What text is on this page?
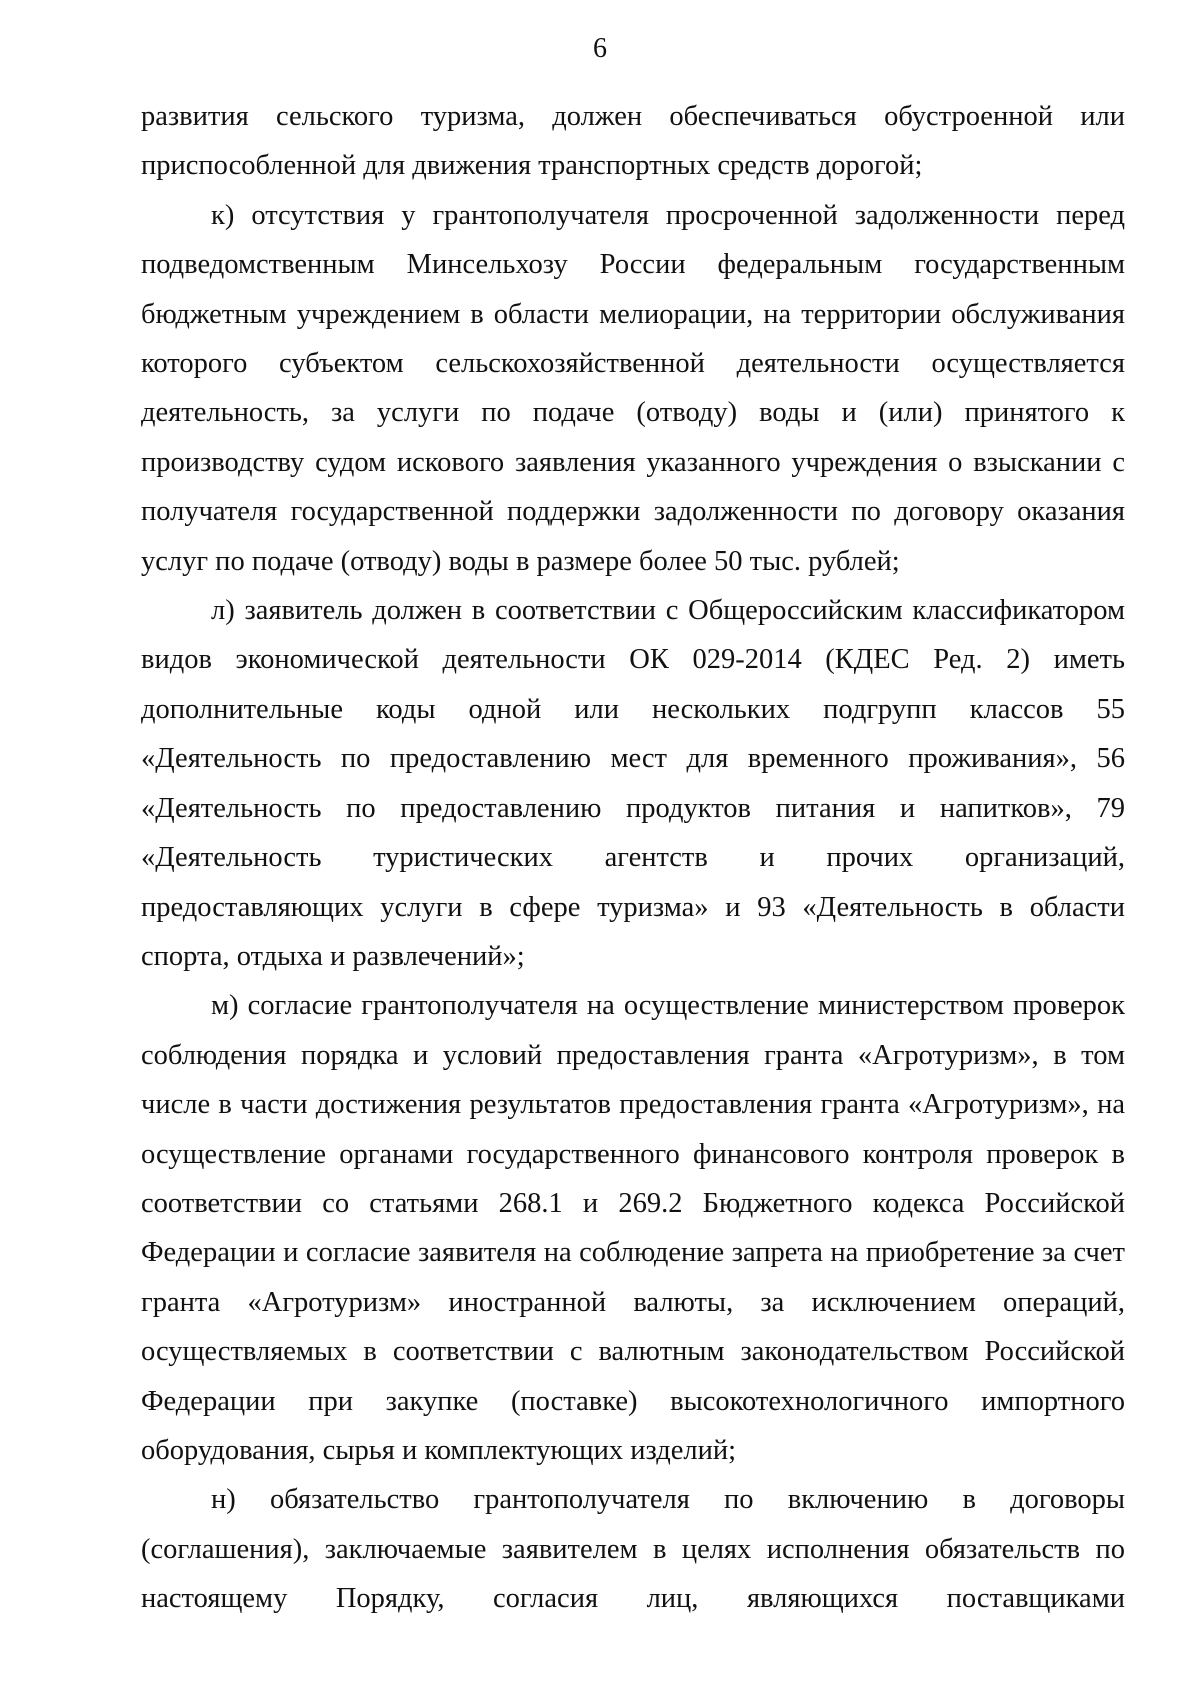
6

развития сельского туризма, должен обеспечиваться обустроенной или приспособленной для движения транспортных средств дорогой;

к) отсутствия у грантополучателя просроченной задолженности перед подведомственным Минсельхозу России федеральным государственным бюджетным учреждением в области мелиорации, на территории обслуживания которого субъектом сельскохозяйственной деятельности осуществляется деятельность, за услуги по подаче (отводу) воды и (или) принятого к производству судом искового заявления указанного учреждения о взыскании с получателя государственной поддержки задолженности по договору оказания услуг по подаче (отводу) воды в размере более 50 тыс. рублей;

л) заявитель должен в соответствии с Общероссийским классификатором видов экономической деятельности ОК 029-2014 (КДЕС Ред. 2) иметь дополнительные коды одной или нескольких подгрупп классов 55 «Деятельность по предоставлению мест для временного проживания», 56 «Деятельность по предоставлению продуктов питания и напитков», 79 «Деятельность туристических агентств и прочих организаций, предоставляющих услуги в сфере туризма» и 93 «Деятельность в области спорта, отдыха и развлечений»;

м) согласие грантополучателя на осуществление министерством проверок соблюдения порядка и условий предоставления гранта «Агротуризм», в том числе в части достижения результатов предоставления гранта «Агротуризм», на осуществление органами государственного финансового контроля проверок в соответствии со статьями 268.1 и 269.2 Бюджетного кодекса Российской Федерации и согласие заявителя на соблюдение запрета на приобретение за счет гранта «Агротуризм» иностранной валюты, за исключением операций, осуществляемых в соответствии с валютным законодательством Российской Федерации при закупке (поставке) высокотехнологичного импортного оборудования, сырья и комплектующих изделий;

н) обязательство грантополучателя по включению в договоры (соглашения), заключаемые заявителем в целях исполнения обязательств по настоящему Порядку, согласия лиц, являющихся поставщиками
